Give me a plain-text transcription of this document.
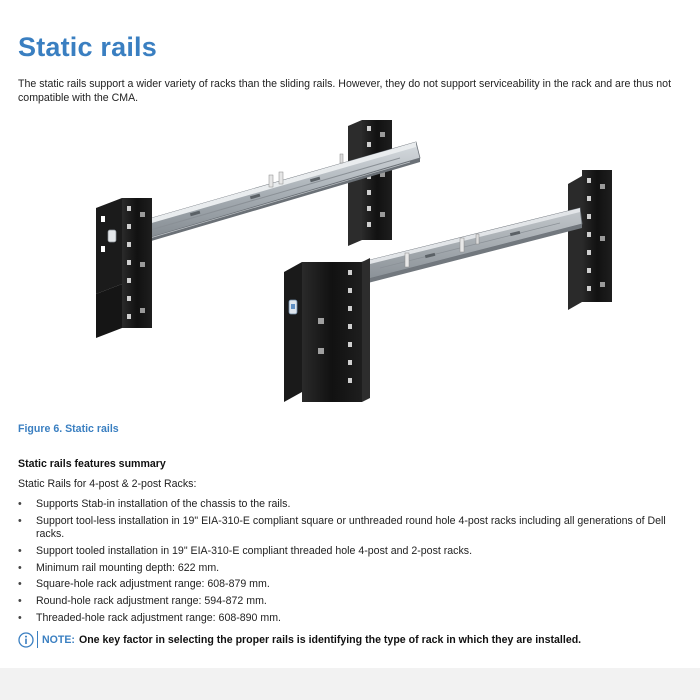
Static rails

The static rails support a wider variety of racks than the sliding rails. However, they do not support serviceability in the rack and are thus not compatible with the CMA.

Figure 6. Static rails

Static rails features summary

Static Rails for 4-post & 2-post Racks:

•	Supports Stab-in installation of the chassis to the rails.
•	Support tool-less installation in 19" EIA-310-E compliant square or unthreaded round hole 4-post racks including all generations of Dell racks.
•	Support tooled installation in 19" EIA-310-E compliant threaded hole 4-post and 2-post racks.
•	Minimum rail mounting depth: 622 mm.
•	Square-hole rack adjustment range: 608-879 mm.
•	Round-hole rack adjustment range: 594-872 mm.
•	Threaded-hole rack adjustment range: 608-890 mm.
NOTE: One key factor in selecting the proper rails is identifying the type of rack in which they are installed.
